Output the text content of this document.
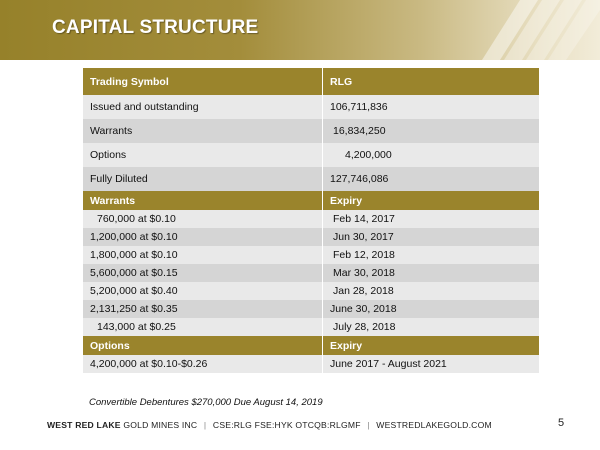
CAPITAL STRUCTURE
Trading Symbol	RLG
Issued and outstanding	106,711,836
Warrants	16,834,250
Options	4,200,000
Fully Diluted	127,746,086
Warrants	Expiry
760,000 at $0.10	Feb 14, 2017
1,200,000 at $0.10	Jun 30, 2017
1,800,000 at $0.10	Feb 12, 2018
5,600,000 at $0.15	Mar 30, 2018
5,200,000 at $0.40	Jan 28, 2018
2,131,250 at $0.35	June 30, 2018
143,000 at $0.25	July 28, 2018
Options	Expiry
4,200,000 at $0.10-$0.26	June 2017 - August 2021
Convertible Debentures $270,000 Due August 14, 2019
WEST RED LAKE GOLD MINES INC | CSE:RLG FSE:HYK OTCQB:RLGMF | WESTREDLAKEGOLD.COM	5
